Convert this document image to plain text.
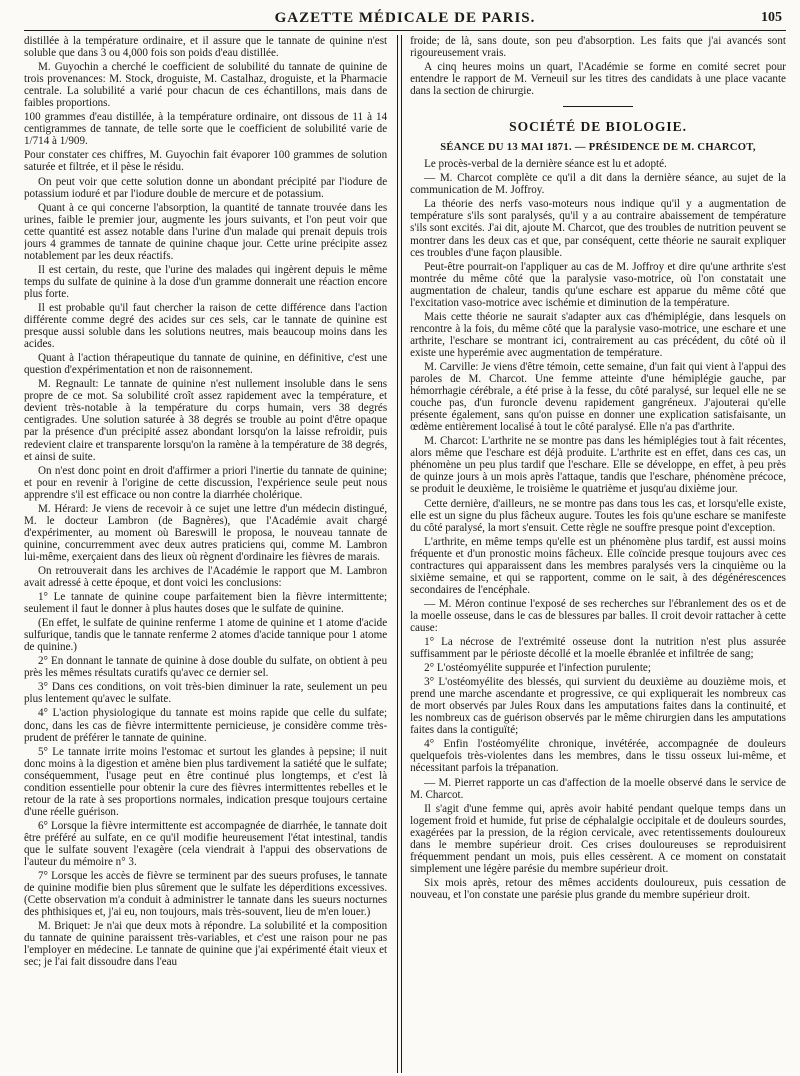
GAZETTE MÉDICALE DE PARIS.	105

distillée à la température ordinaire, et il assure que le tannate de quinine n'est soluble que dans 3 ou 4,000 fois son poids d'eau distillée.

M. Guyochin a cherché le coefficient de solubilité du tannate de quinine de trois provenances: M. Stock, droguiste, M. Castalhaz, droguiste, et la Pharmacie centrale. La solubilité a varié pour chacun de ces échantillons, mais dans de faibles proportions.

100 grammes d'eau distillée, à la température ordinaire, ont dissous de 11 à 14 centigrammes de tannate, de telle sorte que le coefficient de solubilité varie de 1/714 à 1/909.

Pour constater ces chiffres, M. Guyochin fait évaporer 100 grammes de solution saturée et filtrée, et il pèse le résidu.

On peut voir que cette solution donne un abondant précipité par l'iodure de potassium ioduré et par l'iodure double de mercure et de potassium.

Quant à ce qui concerne l'absorption, la quantité de tannate trouvée dans les urines, faible le premier jour, augmente les jours suivants, et l'on peut voir que cette quantité est assez notable dans l'urine d'un malade qui prenait depuis trois jours 4 grammes de tannate de quinine chaque jour. Cette urine précipite assez notablement par les deux réactifs.

Il est certain, du reste, que l'urine des malades qui ingèrent depuis le même temps du sulfate de quinine à la dose d'un gramme donnerait une réaction encore plus forte.

Il est probable qu'il faut chercher la raison de cette différence dans l'action différente comme degré des acides sur ces sels, car le tannate de quinine est presque aussi soluble dans les solutions neutres, mais beaucoup moins dans les acides.

Quant à l'action thérapeutique du tannate de quinine, en définitive, c'est une question d'expérimentation et non de raisonnement.

M. Regnault: Le tannate de quinine n'est nullement insoluble dans le sens propre de ce mot. Sa solubilité croît assez rapidement avec la température, et devient très-notable à la température du corps humain, vers 38 degrés centigrades. Une solution saturée à 38 degrés se trouble au point d'être opaque par la présence d'un précipité assez abondant lorsqu'on la laisse refroidir, puis redevient claire et transparente lorsqu'on la ramène à la température de 38 degrés, et ainsi de suite.

On n'est donc point en droit d'affirmer a priori l'inertie du tannate de quinine; et pour en revenir à l'origine de cette discussion, l'expérience seule peut nous apprendre s'il est efficace ou non contre la diarrhée cholérique.

M. Hérard: Je viens de recevoir à ce sujet une lettre d'un médecin distingué, M. le docteur Lambron (de Bagnères), que l'Académie avait chargé d'expérimenter, au moment où Bareswill le proposa, le nouveau tannate de quinine, concurremment avec deux autres praticiens qui, comme M. Lambron lui-même, exerçaient dans des lieux où règnent d'ordinaire les fièvres de marais.

On retrouverait dans les archives de l'Académie le rapport que M. Lambron avait adressé à cette époque, et dont voici les conclusions:

1° Le tannate de quinine coupe parfaitement bien la fièvre intermittente; seulement il faut le donner à plus hautes doses que le sulfate de quinine.

(En effet, le sulfate de quinine renferme 1 atome de quinine et 1 atome d'acide sulfurique, tandis que le tannate renferme 2 atomes d'acide tannique pour 1 atome de quinine.)

2° En donnant le tannate de quinine à dose double du sulfate, on obtient à peu près les mêmes résultats curatifs qu'avec ce dernier sel.

3° Dans ces conditions, on voit très-bien diminuer la rate, seulement un peu plus lentement qu'avec le sulfate.

4° L'action physiologique du tannate est moins rapide que celle du sulfate; donc, dans les cas de fièvre intermittente pernicieuse, je considère comme très-prudent de préférer le tannate de quinine.

5° Le tannate irrite moins l'estomac et surtout les glandes à pepsine; il nuit donc moins à la digestion et amène bien plus tardivement la satiété que le sulfate; conséquemment, l'usage peut en être continué plus longtemps, et c'est là condition essentielle pour obtenir la cure des fièvres intermittentes rebelles et le retour de la rate à ses proportions normales, indication presque toujours certaine d'une réelle guérison.

6° Lorsque la fièvre intermittente est accompagnée de diarrhée, le tannate doit être préféré au sulfate, en ce qu'il modifie heureusement l'état intestinal, tandis que le sulfate souvent l'exagère (cela viendrait à l'appui des observations de l'auteur du mémoire n° 3.

7° Lorsque les accès de fièvre se terminent par des sueurs profuses, le tannate de quinine modifie bien plus sûrement que le sulfate les déperditions excessives. (Cette observation m'a conduit à administrer le tannate dans les sueurs nocturnes des phthisiques et, j'ai eu, non toujours, mais très-souvent, lieu de m'en louer.)

M. Briquet: Je n'ai que deux mots à répondre. La solubilité et la composition du tannate de quinine paraissent très-variables, et c'est une raison pour ne pas l'employer en médecine. Le tannate de quinine que j'ai expérimenté était vieux et sec; je l'ai fait dissoudre dans l'eau

froide; de là, sans doute, son peu d'absorption. Les faits que j'ai avancés sont rigoureusement vrais.

A cinq heures moins un quart, l'Académie se forme en comité secret pour entendre le rapport de M. Verneuil sur les titres des candidats à une place vacante dans la section de chirurgie.

SOCIÉTÉ DE BIOLOGIE.
SÉANCE DU 13 MAI 1871. — PRÉSIDENCE DE M. CHARCOT,

Le procès-verbal de la dernière séance est lu et adopté.

— M. Charcot complète ce qu'il a dit dans la dernière séance, au sujet de la communication de M. Joffroy.

La théorie des nerfs vaso-moteurs nous indique qu'il y a augmentation de température s'ils sont paralysés, qu'il y a au contraire abaissement de température s'ils sont excités. J'ai dit, ajoute M. Charcot, que des troubles de nutrition peuvent se montrer dans les deux cas et que, par conséquent, cette théorie ne saurait expliquer ces troubles d'une façon plausible.

Peut-être pourrait-on l'appliquer au cas de M. Joffroy et dire qu'une arthrite s'est montrée du même côté que la paralysie vaso-motrice, où l'on constatait une augmentation de chaleur, tandis qu'une eschare est apparue du même côté que l'excitation vaso-motrice avec ischémie et diminution de la température.

Mais cette théorie ne saurait s'adapter aux cas d'hémiplégie, dans lesquels on rencontre à la fois, du même côté que la paralysie vaso-motrice, une eschare et une arthrite, l'eschare se montrant ici, contrairement au cas précédent, du côté où il existe une hyperémie avec augmentation de température.

M. Carville: Je viens d'être témoin, cette semaine, d'un fait qui vient à l'appui des paroles de M. Charcot. Une femme atteinte d'une hémiplégie gauche, par hémorrhagie cérébrale, a été prise à la fesse, du côté paralysé, sur lequel elle ne se couche pas, d'un furoncle devenu rapidement gangréneux. J'ajouterai qu'elle présente également, sans qu'on puisse en donner une explication satisfaisante, un œdème entièrement localisé à tout le côté paralysé. Elle n'a pas d'arthrite.

M. Charcot: L'arthrite ne se montre pas dans les hémiplégies tout à fait récentes, alors même que l'eschare est déjà produite. L'arthrite est en effet, dans ces cas, un phénomène un peu plus tardif que l'eschare. Elle se développe, en effet, à peu près de quinze jours à un mois après l'attaque, tandis que l'eschare, phénomène précoce, se produit le deuxième, le troisième le quatrième et jusqu'au dixième jour.

Cette dernière, d'ailleurs, ne se montre pas dans tous les cas, et lorsqu'elle existe, elle est un signe du plus fâcheux augure. Toutes les fois qu'une eschare se manifeste du côté paralysé, la mort s'ensuit. Cette règle ne souffre presque point d'exception.

L'arthrite, en même temps qu'elle est un phénomène plus tardif, est aussi moins fréquente et d'un pronostic moins fâcheux. Elle coïncide presque toujours avec ces contractures qui apparaissent dans les membres paralysés vers la cinquième ou la sixième semaine, et qui se rapportent, comme on le sait, à des dégénérescences secondaires de l'encéphale.

— M. Méron continue l'exposé de ses recherches sur l'ébranlement des os et de la moelle osseuse, dans le cas de blessures par balles. Il croit devoir rattacher à cette cause:

1° La nécrose de l'extrémité osseuse dont la nutrition n'est plus assurée suffisamment par le périoste décollé et la moelle ébranlée et infiltrée de sang;

2° L'ostéomyélite suppurée et l'infection purulente;

3° L'ostéomyélite des blessés, qui survient du deuxième au douzième mois, et prend une marche ascendante et progressive, ce qui expliquerait les nombreux cas de mort observés par Jules Roux dans les amputations faites dans la continuité, et les nombreux cas de guérison observés par le même chirurgien dans les amputations faites dans la contiguïté;

4° Enfin l'ostéomyélite chronique, invétérée, accompagnée de douleurs quelquefois très-violentes dans les membres, dans le tissu osseux lui-même, et nécessitant parfois la trépanation.

— M. Pierret rapporte un cas d'affection de la moelle observé dans le service de M. Charcot.

Il s'agit d'une femme qui, après avoir habité pendant quelque temps dans un logement froid et humide, fut prise de céphalalgie occipitale et de douleurs sourdes, exagérées par la pression, de la région cervicale, avec retentissements douloureux dans le membre supérieur droit. Ces crises douloureuses se reproduisirent fréquemment pendant un mois, puis elles cessèrent. A ce moment on constatait simplement une légère parésie du membre supérieur droit.

Six mois après, retour des mêmes accidents douloureux, puis cessation de nouveau, et l'on constate une parésie plus grande du membre supérieur droit.
